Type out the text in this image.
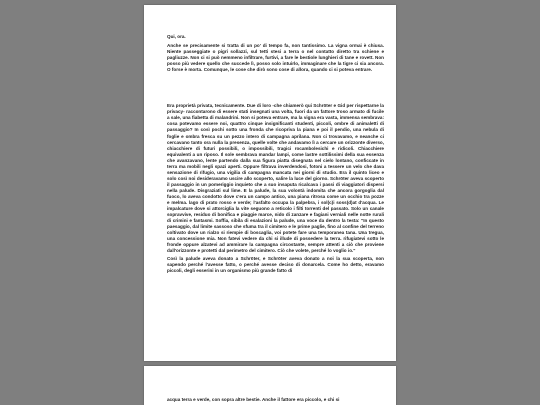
Qui, ora.

Anche se precisamente si tratta di un po' di tempo fa, non tantissimo. La vigna ormai è chiusa. Niente passeggiate o pigri sollazzi, sul tetti stesi a terra o nel contatto diretto tra schiene e pagliuzze. Non ci si può nemmeno infiltrare, furtivi, a fare le bestiole lunghieri di tane e rovett. Non posso più vedere quello che succede lì, posso solo intuirlo, immaginare che la tigre ci sia ancora. O forse è morta. Comunque, le cose che dirò sono cose di allora, quando ci si poteva entrare.

Era proprietà privata, tecnicamente. Due di loro -che chiamerò qui Schröter e Gid per rispettarne la privacy- raccontarono di essere stati insegnati una volta, fuori da un fattore troso armato di fucile a sale, una fiabetta di malandrini. Non si poteva entrare, ma la vigna era vasta, immensa sembrava: cosa potevamo essere noi, quattro cinque insignificanti studenti, piccoli, ombre di animaletti di passaggio? In così pochi sotto una fronda che ricopriva la piana e poi il pendio, una nebula di foglie e ombra fresca su un pezzo intero di campagna aprilana. Non ci trovavamo, e neanche ci cercavano tanto ora nulla la presenza, quelle volte che andavamo lì a cercare un orizzonte diverso, chiacchiere di futuri possibili, o impossibili, tragici rocambolesichi e ridicoli. Chiacchiere equivalenti a un riposo. Il sole sembrava mandar lampi, come lastre sottilissimi della sua essenza che avanzavano, lente partendo dalla sua figura piatta disegnata nel cielo lontano, conficcate in terra ma mobili negli spazi aperti. Oppure filtrava inverdendosi, fotoni a tessere un velo che dava sensazione di rifugio, una vigilia di campagna mancata nei giorni di studio. Era il quinto liceo e solo così noi desideravamo uscire allo scoperto, salire la luce del giorno. Schröter aveva scoperto il passaggio in un pomeriggio inquieto che a suo insaputa ricalcava i passi di viaggiatori dispersi nella palude. Disgraziati sul lime. E la palude, la sua volontà indomita che ancora gorgoglia dal fuoco, lo aveva condotto dove c'era un campo antico, una piana ritrosa come un occhio tra pozze e melma. lago di prato rosso e verde; l'asfalto occupa la palpebra, i sol(c)i soss(d)at d'acqua. Le impalcature dove si attorciglia la vite seguono a reticolo i filti torrenti del passato. Solo un canale sopravvive, residuo di bonifica e piaggie marce, nido di zanzare e fagiani verniali nelle notte rurali di crimini e fantasmi. Soffia, sibila di esalazioni la palude, una voce da dentro la testa: "In questo paesaggio, dal limite sassoso che sfuma tra il cimitero e le prime paglie, fino al confine del terreno coltivato dove un rialzo si riempie di boscaglia, voi potete fare una temporanea tana. Una tregua, una concessione mia. Non fatevi vedere da chi si illude di possedere la terra. rifugiatevi sotto le fronde oppure alzatevi ad ammirare la campagna circostante, sempre attenti a ciò che proviene dall'orizzonte e protetti dal perimetro del cimitero. Ciò che volete, perché lo voglio io."

Così la palude aveva donato a Schröter, e Schröter aveva donato a noi la sua scoperta, non sapendo perché l'avesse fatto, o perché avesse deciso di donarcela. Come ho detto, eravamo piccoli, degli esserini in un organismo più grande fatto di

acqua terra e verde, con sopra altre bestie. Anche il fattore era piccolo, e chi si
